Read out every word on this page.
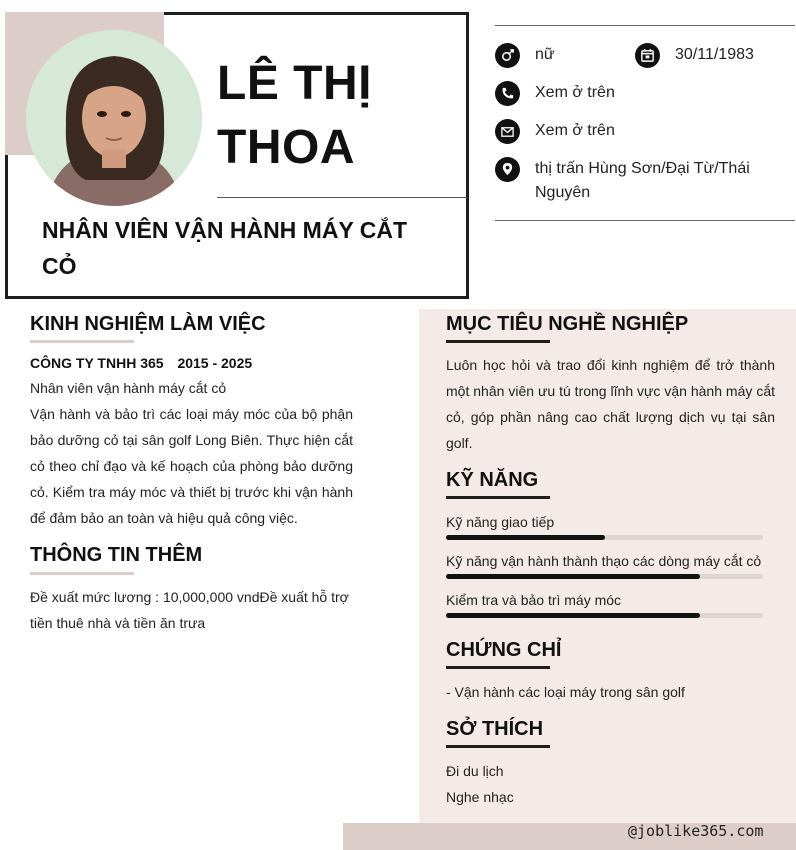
LÊ THỊ
THOA
NHÂN VIÊN VẬN HÀNH MÁY CẮT CỎ
nữ	30/11/1983
Xem ở trên
Xem ở trên
thị trấn Hùng Sơn/Đại Từ/Thái Nguyên
@joblike365.com
KINH NGHIỆM LÀM VIỆC
CÔNG TY TNHH 365 2015 - 2025
Nhân viên vận hành máy cắt cỏ
Vận hành và bảo trì các loại máy móc của bộ phận bảo dưỡng cỏ tại sân golf Long Biên. Thực hiện cắt cỏ theo chỉ đạo và kế hoạch của phòng bảo dưỡng cỏ. Kiểm tra máy móc và thiết bị trước khi vận hành để đảm bảo an toàn và hiệu quả công việc.
THÔNG TIN THÊM
Đề xuất mức lương : 10,000,000 vndĐề xuất hỗ trợ tiền thuê nhà và tiền ăn trưa
MỤC TIÊU NGHỀ NGHIỆP
Luôn học hỏi và trao đổi kinh nghiệm để trở thành một nhân viên ưu tú trong lĩnh vực vận hành máy cắt cỏ, góp phần nâng cao chất lượng dịch vụ tại sân golf.
KỸ NĂNG
Kỹ năng giao tiếp
Kỹ năng vận hành thành thạo các dòng máy cắt cỏ
Kiểm tra và bảo trì máy móc
CHỨNG CHỈ
- Vận hành các loại máy trong sân golf
SỞ THÍCH
Đi du lịch
Nghe nhạc
